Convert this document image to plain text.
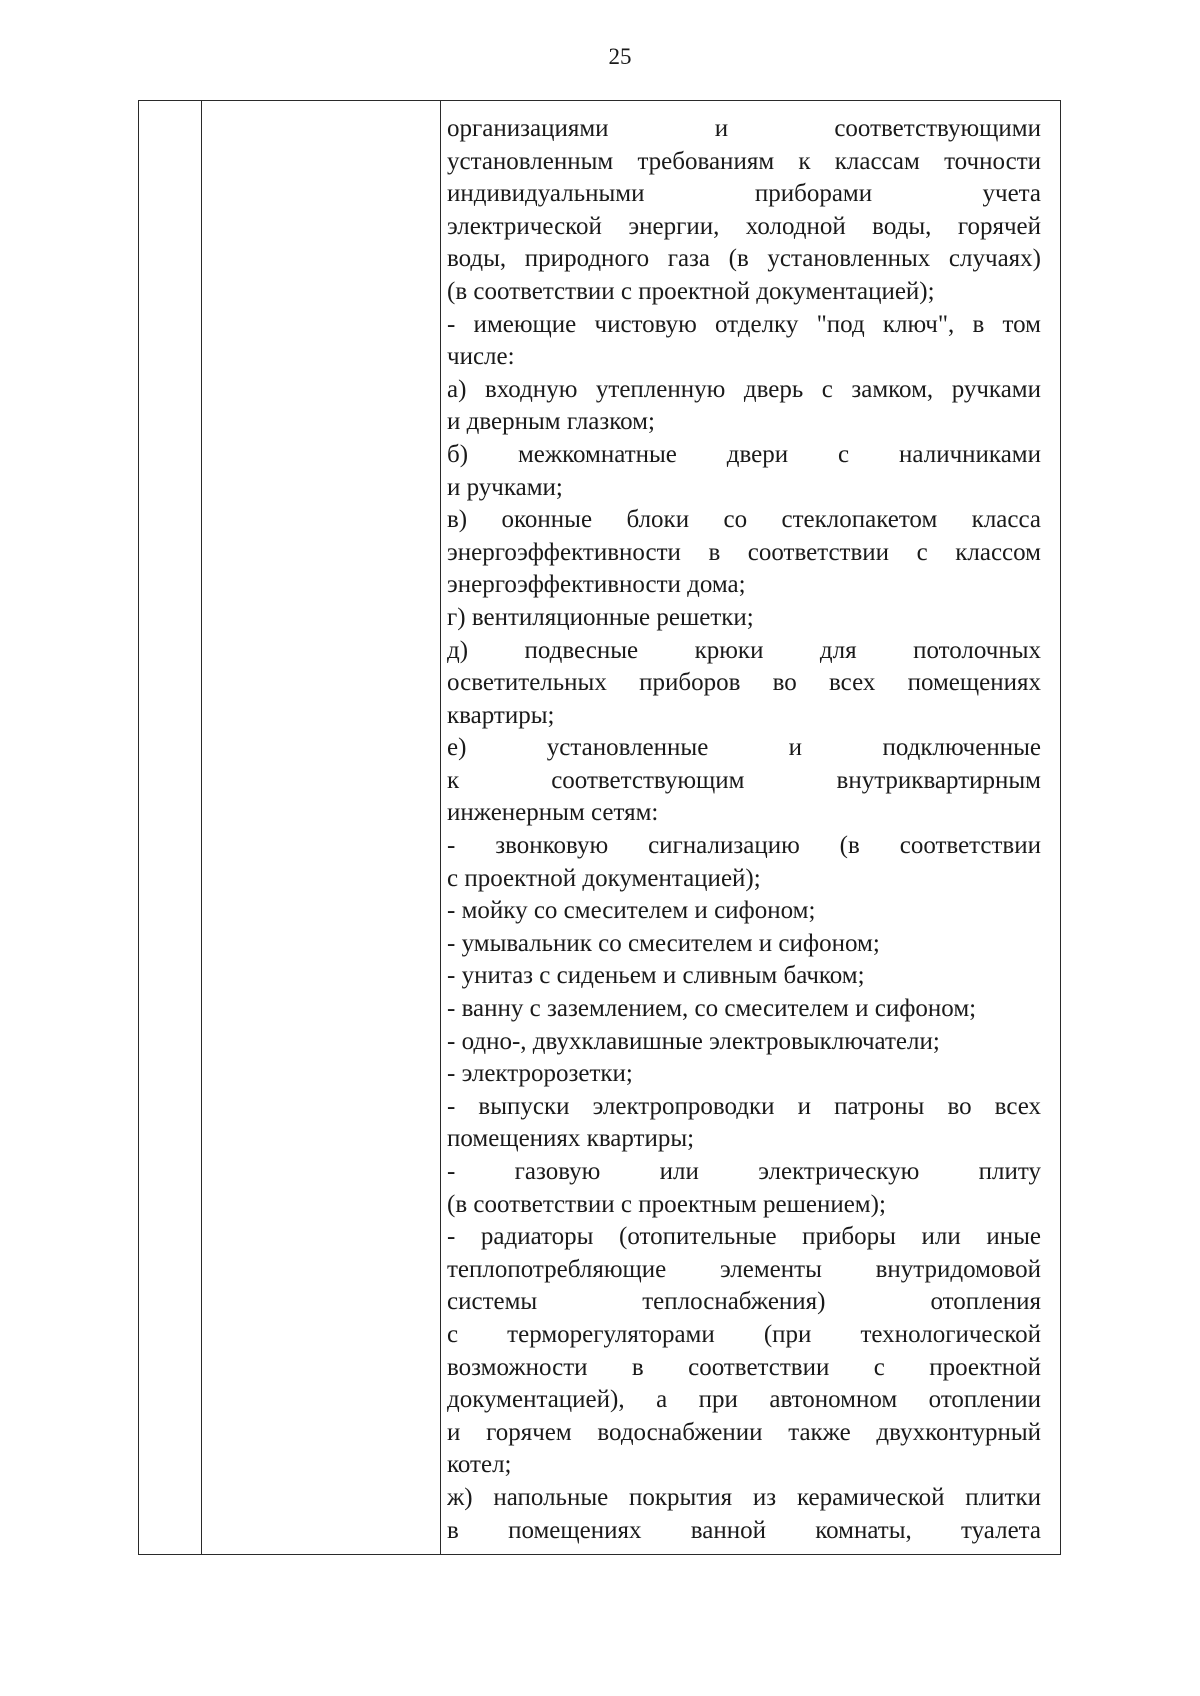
25
организациями и соответствующими
установленным требованиям к классам точности
индивидуальными приборами учета
электрической энергии, холодной воды, горячей
воды, природного газа (в установленных случаях)
(в соответствии с проектной документацией);
- имеющие чистовую отделку "под ключ", в том
числе:
а) входную утепленную дверь с замком, ручками
и дверным глазком;
б) межкомнатные двери с наличниками
и ручками;
в) оконные блоки со стеклопакетом класса
энергоэффективности в соответствии с классом
энергоэффективности дома;
г) вентиляционные решетки;
д) подвесные крюки для потолочных
осветительных приборов во всех помещениях
квартиры;
е) установленные и подключенные
к соответствующим внутриквартирным
инженерным сетям:
- звонковую сигнализацию (в соответствии
с проектной документацией);
- мойку со смесителем и сифоном;
- умывальник со смесителем и сифоном;
- унитаз с сиденьем и сливным бачком;
- ванну с заземлением, со смесителем и сифоном;
- одно-, двухклавишные электровыключатели;
- электророзетки;
- выпуски электропроводки и патроны во всех
помещениях квартиры;
- газовую или электрическую плиту
(в соответствии с проектным решением);
- радиаторы (отопительные приборы или иные
теплопотребляющие элементы внутридомовой
системы теплоснабжения) отопления
с терморегуляторами (при технологической
возможности в соответствии с проектной
документацией), а при автономном отоплении
и горячем водоснабжении также двухконтурный
котел;
ж) напольные покрытия из керамической плитки
в помещениях ванной комнаты, туалета
